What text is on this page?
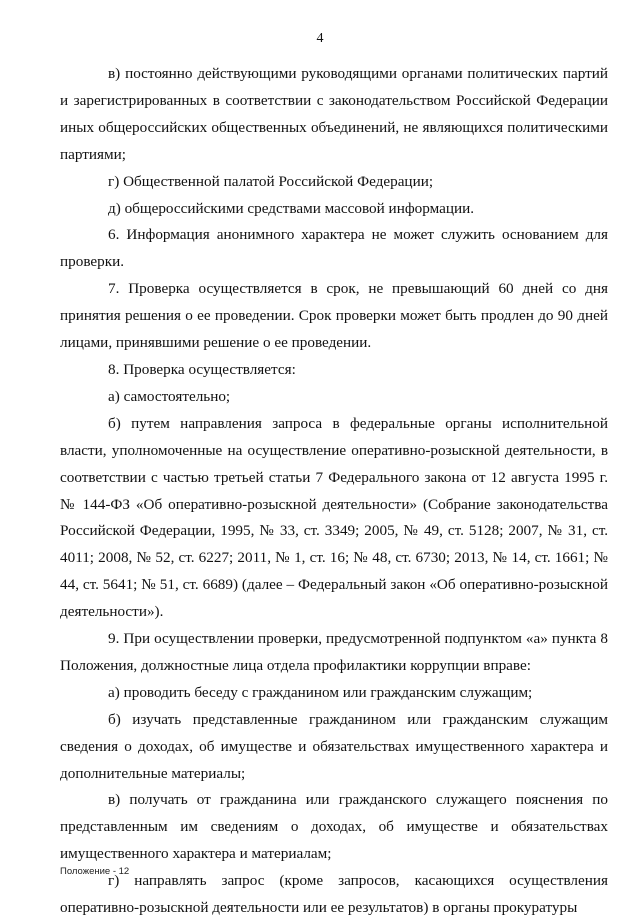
4

в) постоянно действующими руководящими органами политических партий и зарегистрированных в соответствии с законодательством Российской Федерации иных общероссийских общественных объединений, не являющихся политическими партиями;

г) Общественной палатой Российской Федерации;

д) общероссийскими средствами массовой информации.

6. Информация анонимного характера не может служить основанием для проверки.

7. Проверка осуществляется в срок, не превышающий 60 дней со дня принятия решения о ее проведении. Срок проверки может быть продлен до 90 дней лицами, принявшими решение о ее проведении.

8. Проверка осуществляется:

а) самостоятельно;

б) путем направления запроса в федеральные органы исполнительной власти, уполномоченные на осуществление оперативно-розыскной деятельности, в соответствии с частью третьей статьи 7 Федерального закона от 12 августа 1995 г. № 144-ФЗ «Об оперативно-розыскной деятельности» (Собрание законодательства Российской Федерации, 1995, № 33, ст. 3349; 2005, № 49, ст. 5128; 2007, № 31, ст. 4011; 2008, № 52, ст. 6227; 2011, № 1, ст. 16; № 48, ст. 6730; 2013, № 14, ст. 1661; № 44, ст. 5641; № 51, ст. 6689) (далее – Федеральный закон «Об оперативно-розыскной деятельности»).

9. При осуществлении проверки, предусмотренной подпунктом «а» пункта 8 Положения, должностные лица отдела профилактики коррупции вправе:

а) проводить беседу с гражданином или гражданским служащим;

б) изучать представленные гражданином или гражданским служащим сведения о доходах, об имуществе и обязательствах имущественного характера и дополнительные материалы;

в) получать от гражданина или гражданского служащего пояснения по представленным им сведениям о доходах, об имуществе и обязательствах имущественного характера и материалам;

г) направлять запрос (кроме запросов, касающихся осуществления оперативно-розыскной деятельности или ее результатов) в органы прокуратуры

Положение - 12
